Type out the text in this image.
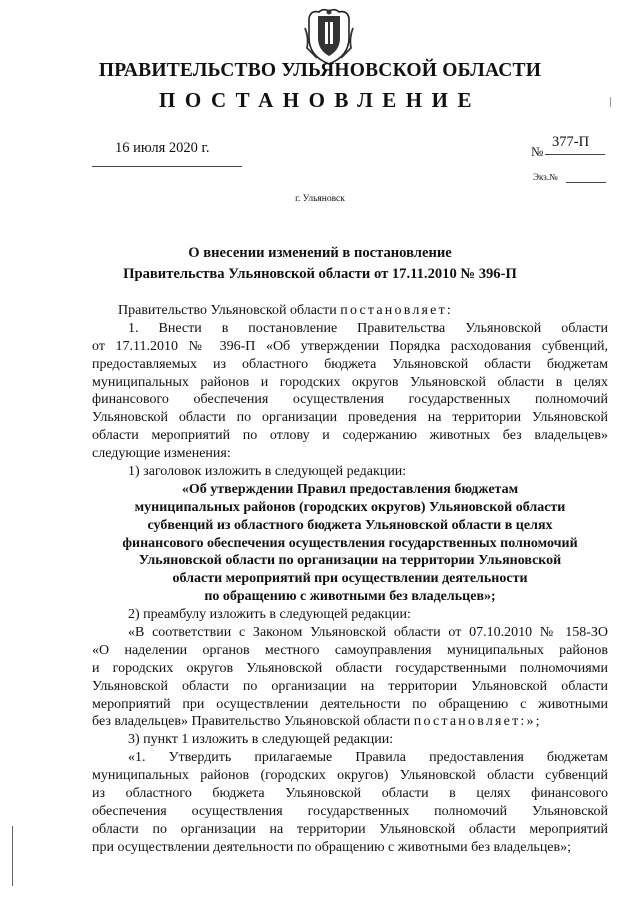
ПРАВИТЕЛЬСТВО УЛЬЯНОВСКОЙ ОБЛАСТИ
ПОСТАНОВЛЕНИЕ
16 июля 2020 г.	№
377-П
Экз.№
г. Ульяновск
О внесении изменений в постановление
Правительства Ульяновской области от 17.11.2010 № 396-П
Правительство Ульяновской области постановляет:
1. Внести в постановление Правительства Ульяновской области
от 17.11.2010 № 396-П «Об утверждении Порядка расходования субвенций,
предоставляемых из областного бюджета Ульяновской области бюджетам
муниципальных районов и городских округов Ульяновской области в целях
финансового обеспечения осуществления государственных полномочий
Ульяновской области по организации проведения на территории Ульяновской
области мероприятий по отлову и содержанию животных без владельцев»
следующие изменения:
1) заголовок изложить в следующей редакции:
«Об утверждении Правил предоставления бюджетам
муниципальных районов (городских округов) Ульяновской области
субвенций из областного бюджета Ульяновской области в целях
финансового обеспечения осуществления государственных полномочий
Ульяновской области по организации на территории Ульяновской
области мероприятий при осуществлении деятельности
по обращению с животными без владельцев»;
2) преамбулу изложить в следующей редакции:
«В соответствии с Законом Ульяновской области от 07.10.2010 № 158-ЗО
«О наделении органов местного самоуправления муниципальных районов
и городских округов Ульяновской области государственными полномочиями
Ульяновской области по организации на территории Ульяновской области
мероприятий при осуществлении деятельности по обращению с животными
без владельцев» Правительство Ульяновской области постановляет:»;
3) пункт 1 изложить в следующей редакции:
«1. Утвердить прилагаемые Правила предоставления бюджетам
муниципальных районов (городских округов) Ульяновской области субвенций
из областного бюджета Ульяновской области в целях финансового
обеспечения осуществления государственных полномочий Ульяновской
области по организации на территории Ульяновской области мероприятий
при осуществлении деятельности по обращению с животными без владельцев»;
